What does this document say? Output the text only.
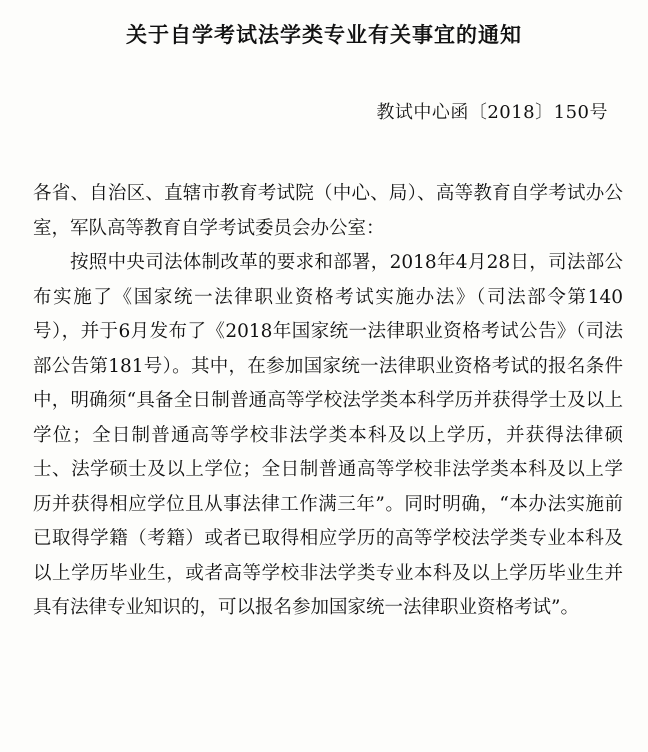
关于自学考试法学类专业有关事宜的通知
教试中心函〔2018〕150号

各省、自治区、直辖市教育考试院（中心、局）、高等教育自学考试办公室，军队高等教育自学考试委员会办公室：

按照中央司法体制改革的要求和部署，2018年4月28日，司法部公布实施了《国家统一法律职业资格考试实施办法》（司法部令第140号），并于6月发布了《2018年国家统一法律职业资格考试公告》（司法部公告第181号）。其中，在参加国家统一法律职业资格考试的报名条件中，明确须“具备全日制普通高等学校法学类本科学历并获得学士及以上学位；全日制普通高等学校非法学类本科及以上学历，并获得法律硕士、法学硕士及以上学位；全日制普通高等学校非法学类本科及以上学历并获得相应学位且从事法律工作满三年”。同时明确，“本办法实施前已取得学籍（考籍）或者已取得相应学历的高等学校法学类专业本科及以上学历毕业生，或者高等学校非法学类专业本科及以上学历毕业生并具有法律专业知识的，可以报名参加国家统一法律职业资格考试”。
